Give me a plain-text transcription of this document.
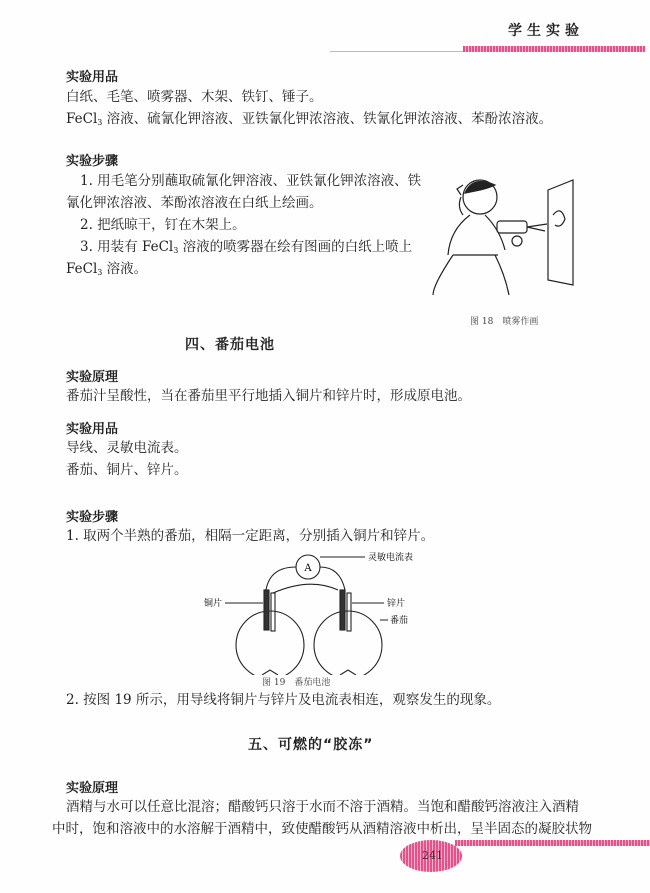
学生实验
实验用品
白纸、毛笔、喷雾器、木架、铁钉、锤子。
FeCl$_3$ 溶液、硫氰化钾溶液、亚铁氰化钾浓溶液、铁氰化钾浓溶液、苯酚浓溶液。
实验步骤
1. 用毛笔分别蘸取硫氰化钾溶液、亚铁氰化钾浓溶液、铁
氰化钾浓溶液、苯酚浓溶液在白纸上绘画。
2. 把纸晾干，钉在木架上。
3. 用装有 FeCl$_3$ 溶液的喷雾器在绘有图画的白纸上喷上
FeCl$_3$ 溶液。
图 18　喷雾作画
四、番茄电池
实验原理
番茄汁呈酸性，当在番茄里平行地插入铜片和锌片时，形成原电池。
实验用品
导线、灵敏电流表。
番茄、铜片、锌片。
实验步骤
1. 取两个半熟的番茄，相隔一定距离，分别插入铜片和锌片。
A
灵敏电流表
铜片	锌片
番茄
图 19　番茄电池
2. 按图 19 所示，用导线将铜片与锌片及电流表相连，观察发生的现象。
五、可燃的“胶冻”
实验原理
酒精与水可以任意比混溶；醋酸钙只溶于水而不溶于酒精。当饱和醋酸钙溶液注入酒精
中时，饱和溶液中的水溶解于酒精中，致使醋酸钙从酒精溶液中析出，呈半固态的凝胶状物
241
